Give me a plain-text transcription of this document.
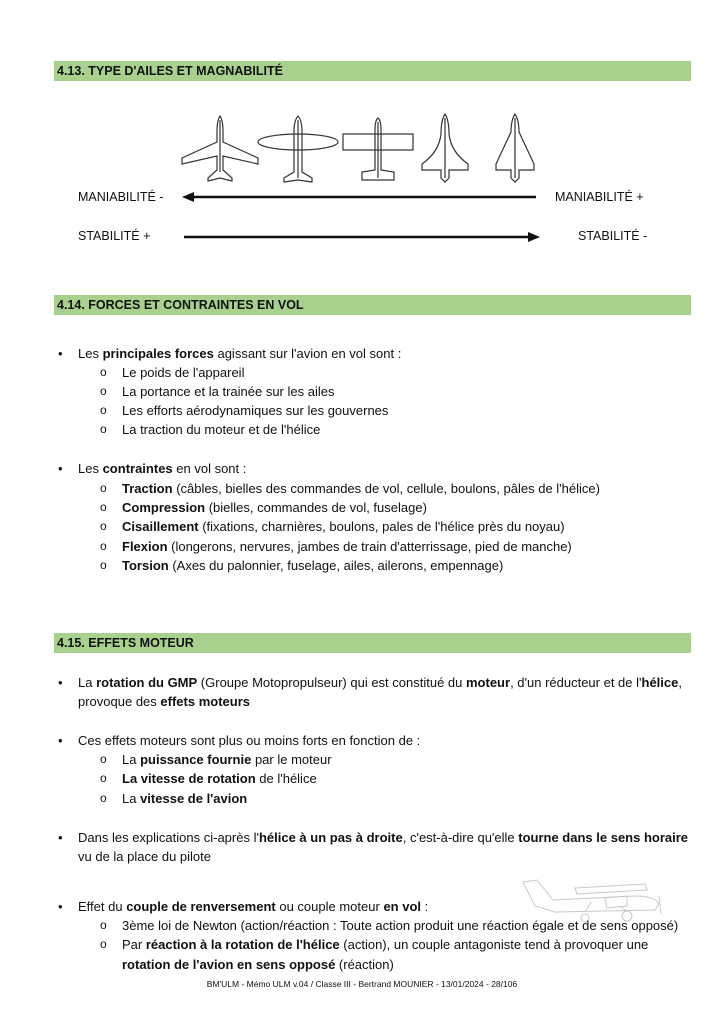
4.13. TYPE D'AILES ET MAGNABILITÉ
MANIABILITÉ -	MANIABILITÉ +
STABILITÉ +	STABILITÉ -
4.14. FORCES ET CONTRAINTES EN VOL
• Les principales forces agissant sur l'avion en vol sont :
o Le poids de l'appareil
o La portance et la trainée sur les ailes
o Les efforts aérodynamiques sur les gouvernes
o La traction du moteur et de l'hélice
• Les contraintes en vol sont :
o Traction (câbles, bielles des commandes de vol, cellule, boulons, pâles de l'hélice)
o Compression (bielles, commandes de vol, fuselage)
o Cisaillement (fixations, charnières, boulons, pales de l'hélice près du noyau)
o Flexion (longerons, nervures, jambes de train d'atterrissage, pied de manche)
o Torsion (Axes du palonnier, fuselage, ailes, ailerons, empennage)
4.15. EFFETS MOTEUR
• La rotation du GMP (Groupe Motopropulseur) qui est constitué du moteur, d'un réducteur et de l'hélice,
provoque des effets moteurs
• Ces effets moteurs sont plus ou moins forts en fonction de :
o La puissance fournie par le moteur
o La vitesse de rotation de l'hélice
o La vitesse de l'avion
• Dans les explications ci-après l'hélice à un pas à droite, c'est-à-dire qu'elle tourne dans le sens horaire
vu de la place du pilote
• Effet du couple de renversement ou couple moteur en vol :
o 3ème loi de Newton (action/réaction : Toute action produit une réaction égale et de sens opposé)
o Par réaction à la rotation de l'hélice (action), un couple antagoniste tend à provoquer une
rotation de l'avion en sens opposé (réaction)
BM'ULM - Mémo ULM v.04 / Classe III - Bertrand MOUNIER - 13/01/2024 - 28/106
